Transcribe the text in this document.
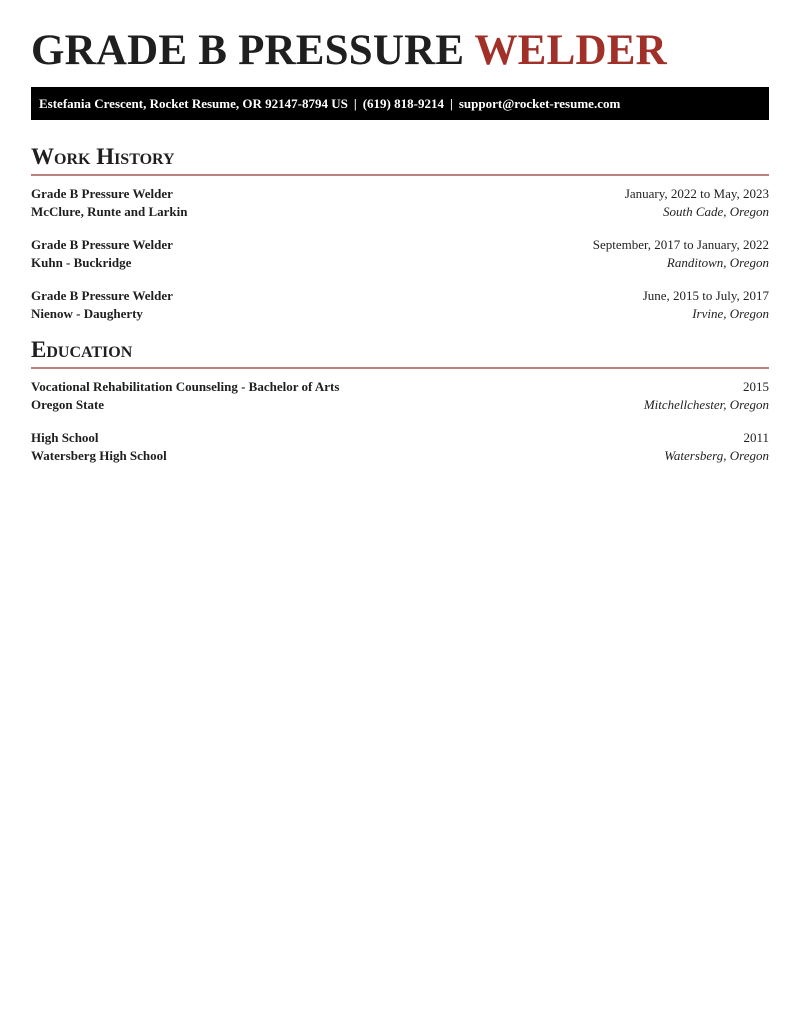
GRADE B PRESSURE WELDER
Estefania Crescent, Rocket Resume, OR 92147-8794 US | (619) 818-9214 | support@rocket-resume.com
Work History
Grade B Pressure Welder	January, 2022 to May, 2023
McClure, Runte and Larkin	South Cade, Oregon
Grade B Pressure Welder	September, 2017 to January, 2022
Kuhn - Buckridge	Randitown, Oregon
Grade B Pressure Welder	June, 2015 to July, 2017
Nienow - Daugherty	Irvine, Oregon
Education
Vocational Rehabilitation Counseling - Bachelor of Arts	2015
Oregon State	Mitchellchester, Oregon
High School	2011
Watersberg High School	Watersberg, Oregon
